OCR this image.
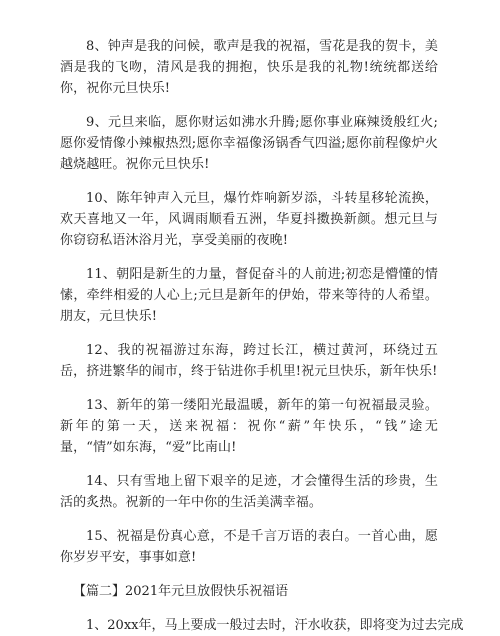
8、钟声是我的问候，歌声是我的祝福，雪花是我的贺卡，美酒是我的飞吻，清风是我的拥抱，快乐是我的礼物!统统都送给你，祝你元旦快乐!

9、元旦来临，愿你财运如沸水升腾;愿你事业麻辣烫般红火;愿你爱情像小辣椒热烈;愿你幸福像汤锅香气四溢;愿你前程像炉火越烧越旺。祝你元旦快乐!

10、陈年钟声入元旦，爆竹炸响新岁添，斗转星移轮流换，欢天喜地又一年，风调雨顺看五洲，华夏抖擞换新颜。想元旦与你窃窃私语沐浴月光，享受美丽的夜晚!

11、朝阳是新生的力量，督促奋斗的人前进;初恋是懵懂的情愫，牵绊相爱的人心上;元旦是新年的伊始，带来等待的人希望。朋友，元旦快乐!

12、我的祝福游过东海，跨过长江，横过黄河，环绕过五岳，挤进繁华的闹市，终于钻进你手机里!祝元旦快乐，新年快乐!

13、新年的第一缕阳光最温暖，新年的第一句祝福最灵验。新年的第一天，送来祝福：祝你“薪”年快乐，“钱”途无量，“情”如东海，“爱”比南山!

14、只有雪地上留下艰辛的足迹，才会懂得生活的珍贵，生活的炙热。祝新的一年中你的生活美满幸福。

15、祝福是份真心意，不是千言万语的表白。一首心曲，愿你岁岁平安，事事如意!

【篇二】2021年元旦放假快乐祝福语

1、20xx年，马上要成一般过去时，汗水收获，即将变为过去完成
